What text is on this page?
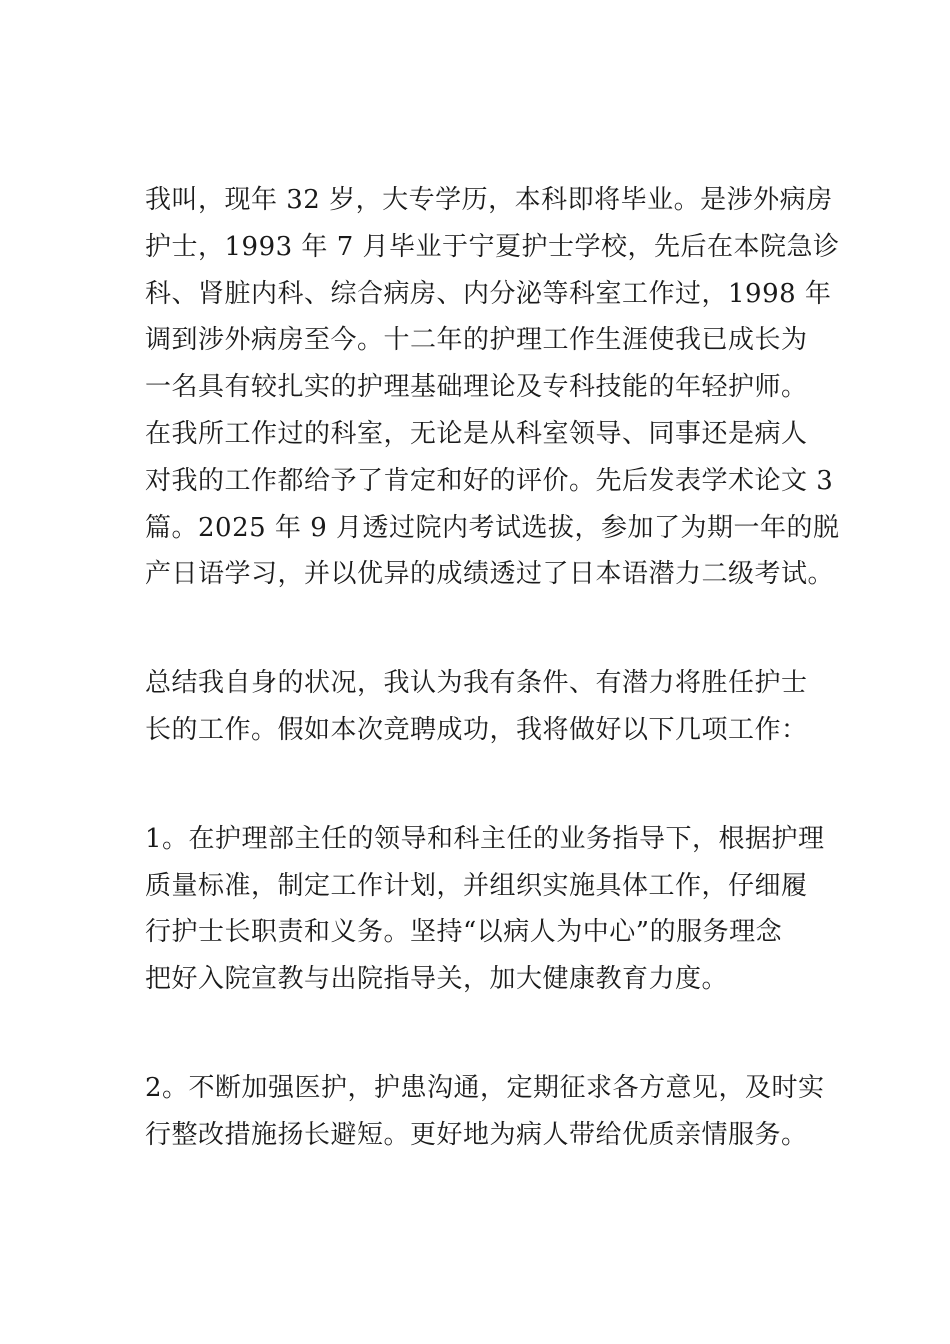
我叫，现年 32 岁，大专学历，本科即将毕业。是涉外病房
护士，1993 年 7 月毕业于宁夏护士学校，先后在本院急诊
科、肾脏内科、综合病房、内分泌等科室工作过，1998 年
调到涉外病房至今。十二年的护理工作生涯使我已成长为
一名具有较扎实的护理基础理论及专科技能的年轻护师。
在我所工作过的科室，无论是从科室领导、同事还是病人
对我的工作都给予了肯定和好的评价。先后发表学术论文 3
篇。2025 年 9 月透过院内考试选拔，参加了为期一年的脱
产日语学习，并以优异的成绩透过了日本语潜力二级考试。
总结我自身的状况，我认为我有条件、有潜力将胜任护士
长的工作。假如本次竞聘成功，我将做好以下几项工作：
1。在护理部主任的领导和科主任的业务指导下，根据护理
质量标准，制定工作计划，并组织实施具体工作，仔细履
行护士长职责和义务。坚持“以病人为中心”的服务理念
把好入院宣教与出院指导关，加大健康教育力度。
2。不断加强医护，护患沟通，定期征求各方意见，及时实
行整改措施扬长避短。更好地为病人带给优质亲情服务。
